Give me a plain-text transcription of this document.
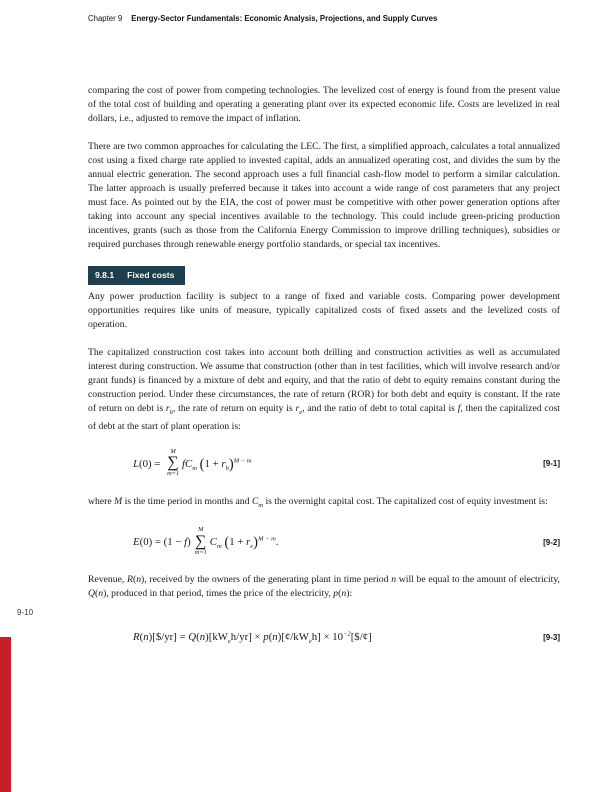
Chapter 9 Energy-Sector Fundamentals: Economic Analysis, Projections, and Supply Curves
9-10

comparing the cost of power from competing technologies. The levelized cost of energy is found from the present value of the total cost of building and operating a generating plant over its expected economic life. Costs are levelized in real dollars, i.e., adjusted to remove the impact of inflation.

There are two common approaches for calculating the LEC. The first, a simplified approach, calculates a total annualized cost using a fixed charge rate applied to invested capital, adds an annualized operating cost, and divides the sum by the annual electric generation. The second approach uses a full financial cash-flow model to perform a similar calculation. The latter approach is usually preferred because it takes into account a wide range of cost parameters that any project must face. As pointed out by the EIA, the cost of power must be competitive with other power generation options after taking into account any special incentives available to the technology. This could include green-pricing production incentives, grants (such as those from the California Energy Commission to improve drilling techniques), subsidies or required purchases through renewable energy portfolio standards, or special tax incentives.

9.8.1 Fixed costs

Any power production facility is subject to a range of fixed and variable costs. Comparing power development opportunities requires like units of measure, typically capitalized costs of fixed assets and the levelized costs of operation.

The capitalized construction cost takes into account both drilling and construction activities as well as accumulated interest during construction. We assume that construction (other than in test facilities, which will involve research and/or grant funds) is financed by a mixture of debt and equity, and that the ratio of debt to equity remains constant during the construction period. Under these circumstances, the rate of return (ROR) for both debt and equity is constant. If the rate of return on debt is $r_b$, the rate of return on equity is $r_e$, and the ratio of debt to total capital is f, then the capitalized cost of debt at the start of plant operation is:

L(0) =
M
∑
m=1
$fC_m$ $(1 + r_b)^{M - m}$	[9-1]

where M is the time period in months and $C_m$ is the overnight capital cost. The capitalized cost of equity investment is:

E(0) = (1 − f)
M
∑
m=1
$C_m$ $(1 + r_e)^{M - m}$.	[9-2]

Revenue, R(n), received by the owners of the generating plant in time period n will be equal to the amount of electricity, Q(n), produced in that period, times the price of the electricity, p(n):

R(n)[$/yr] = $Q(n)[kW_eh/yr]$ × $p(n)[¢/kW_eh]$ × $10^{-2}[\$/¢]$	[9-3]
